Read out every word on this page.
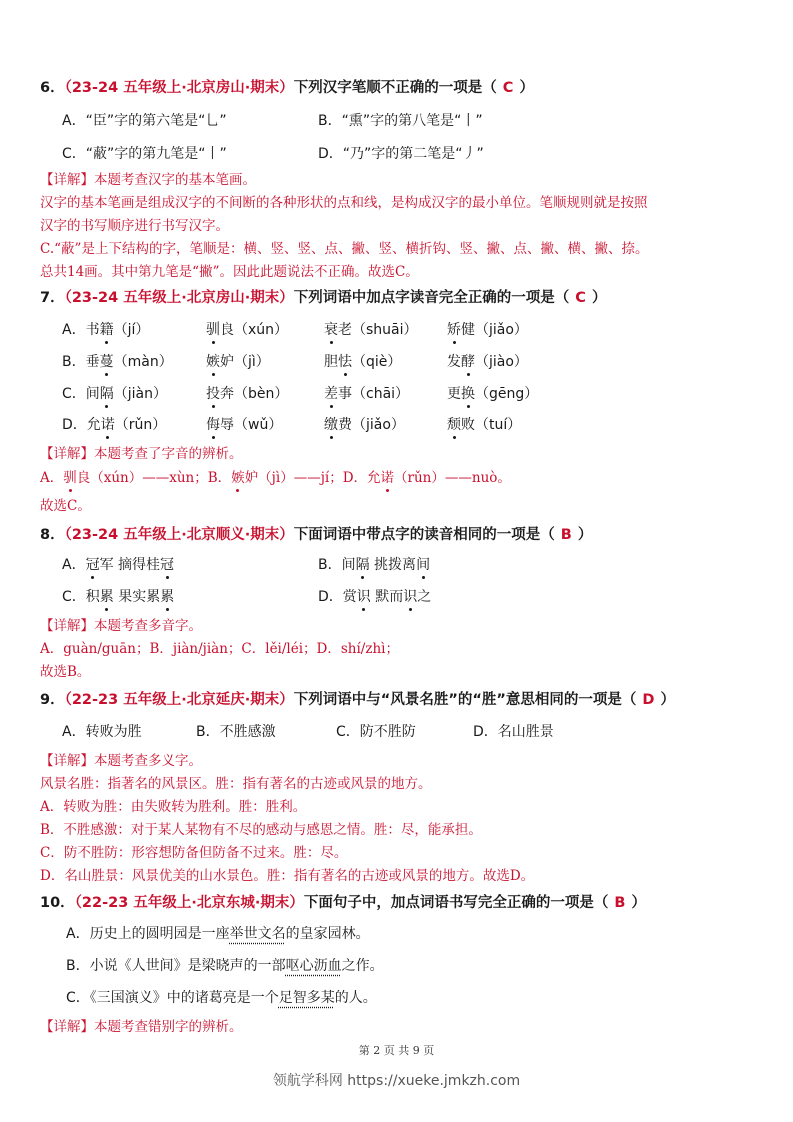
6．（23-24 五年级上·北京房山·期末）下列汉字笔顺不正确的一项是（ C ）
A．“臣”字的第六笔是“乚”	B．“熏”字的第八笔是“丨”
C．“蔽”字的第九笔是“丨”	D．“乃”字的第二笔是“丿”
【详解】本题考查汉字的基本笔画。
汉字的基本笔画是组成汉字的不间断的各种形状的点和线，是构成汉字的最小单位。笔顺规则就是按照
汉字的书写顺序进行书写汉字。
C.“蔽”是上下结构的字，笔顺是：横、竖、竖、点、撇、竖、横折钩、竖、撇、点、撇、横、撇、捺。
总共14画。其中第九笔是“撇”。因此此题说法不正确。故选C。
7．（23-24 五年级上·北京房山·期末）下列词语中加点字读音完全正确的一项是（ C ）
A．书籍（jí）	驯良（xún）	衰老（shuāi） 矫健（jiǎo）
B．垂蔓（màn） 嫉妒（jì）	胆怯（qiè）	发酵（jiào）
C．间隔（jiàn）	投奔（bèn）	差事（chāi）	更换（gēng）
D．允诺（rǔn）	侮辱（wǔ）	缴费（jiǎo）	颓败（tuí）
【详解】本题考查了字音的辨析。
A．驯良（xún）——xùn；B．嫉妒（jì）——jí；D．允诺（rǔn）——nuò。
故选C。
8．（23-24 五年级上·北京顺义·期末）下面词语中带点字的读音相同的一项是（ B ）
A．冠军 摘得桂冠	B．间隔 挑拨离间
C．积累 果实累累	D．赏识 默而识之
【详解】本题考查多音字。
A．guàn/guān；B．jiàn/jiàn；C．lěi/léi；D．shí/zhì；
故选B。
9．（22-23 五年级上·北京延庆·期末）下列词语中与“风景名胜”的“胜”意思相同的一项是（ D ）
A．转败为胜	B．不胜感激	C．防不胜防	D．名山胜景
【详解】本题考查多义字。
风景名胜：指著名的风景区。胜：指有著名的古迹或风景的地方。
A．转败为胜：由失败转为胜利。胜：胜利。
B．不胜感激：对于某人某物有不尽的感动与感恩之情。胜：尽，能承担。
C．防不胜防：形容想防备但防备不过来。胜：尽。
D．名山胜景：风景优美的山水景色。胜：指有著名的古迹或风景的地方。故选D。
10．（22-23 五年级上·北京东城·期末）下面句子中，加点词语书写完全正确的一项是（ B ）
A．历史上的圆明园是一座举世文名的皇家园林。
B．小说《人世间》是梁晓声的一部呕心沥血之作。
C．《三国演义》中的诸葛亮是一个足智多某的人。
【详解】本题考查错别字的辨析。
第 2 页 共 9 页
领航学科网 https://xueke.jmkzh.com
